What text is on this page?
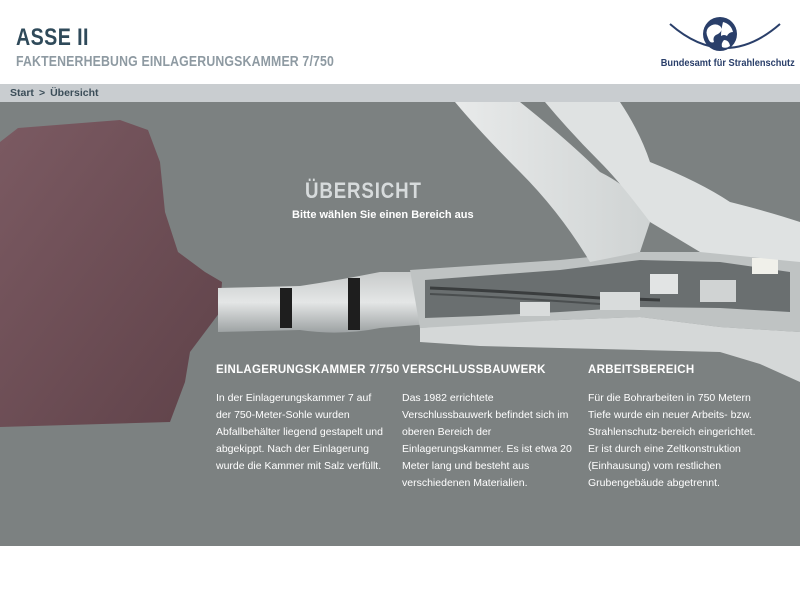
ASSE II
FAKTENERHEBUNG EINLAGERUNGSKAMMER 7/750	Bundesamt für Strahlenschutz
Start > Übersicht
ÜBERSICHT
Bitte wählen Sie einen Bereich aus
EINLAGERUNGSKAMMER 7/750

In der Einlagerungskammer 7 auf der 750-Meter-Sohle wurden Abfallbehälter liegend gestapelt und abgekippt. Nach der Einlagerung wurde die Kammer mit Salz verfüllt.

VERSCHLUSSBAUWERK

Das 1982 errichtete Verschlussbauwerk befindet sich im oberen Bereich der Einlagerungskammer. Es ist etwa 20 Meter lang und besteht aus verschiedenen Materialien.

ARBEITSBEREICH

Für die Bohrarbeiten in 750 Metern Tiefe wurde ein neuer Arbeits- bzw. Strahlenschutz-bereich eingerichtet. Er ist durch eine Zeltkonstruktion (Einhausung) vom restlichen Grubengebäude abgetrennt.
